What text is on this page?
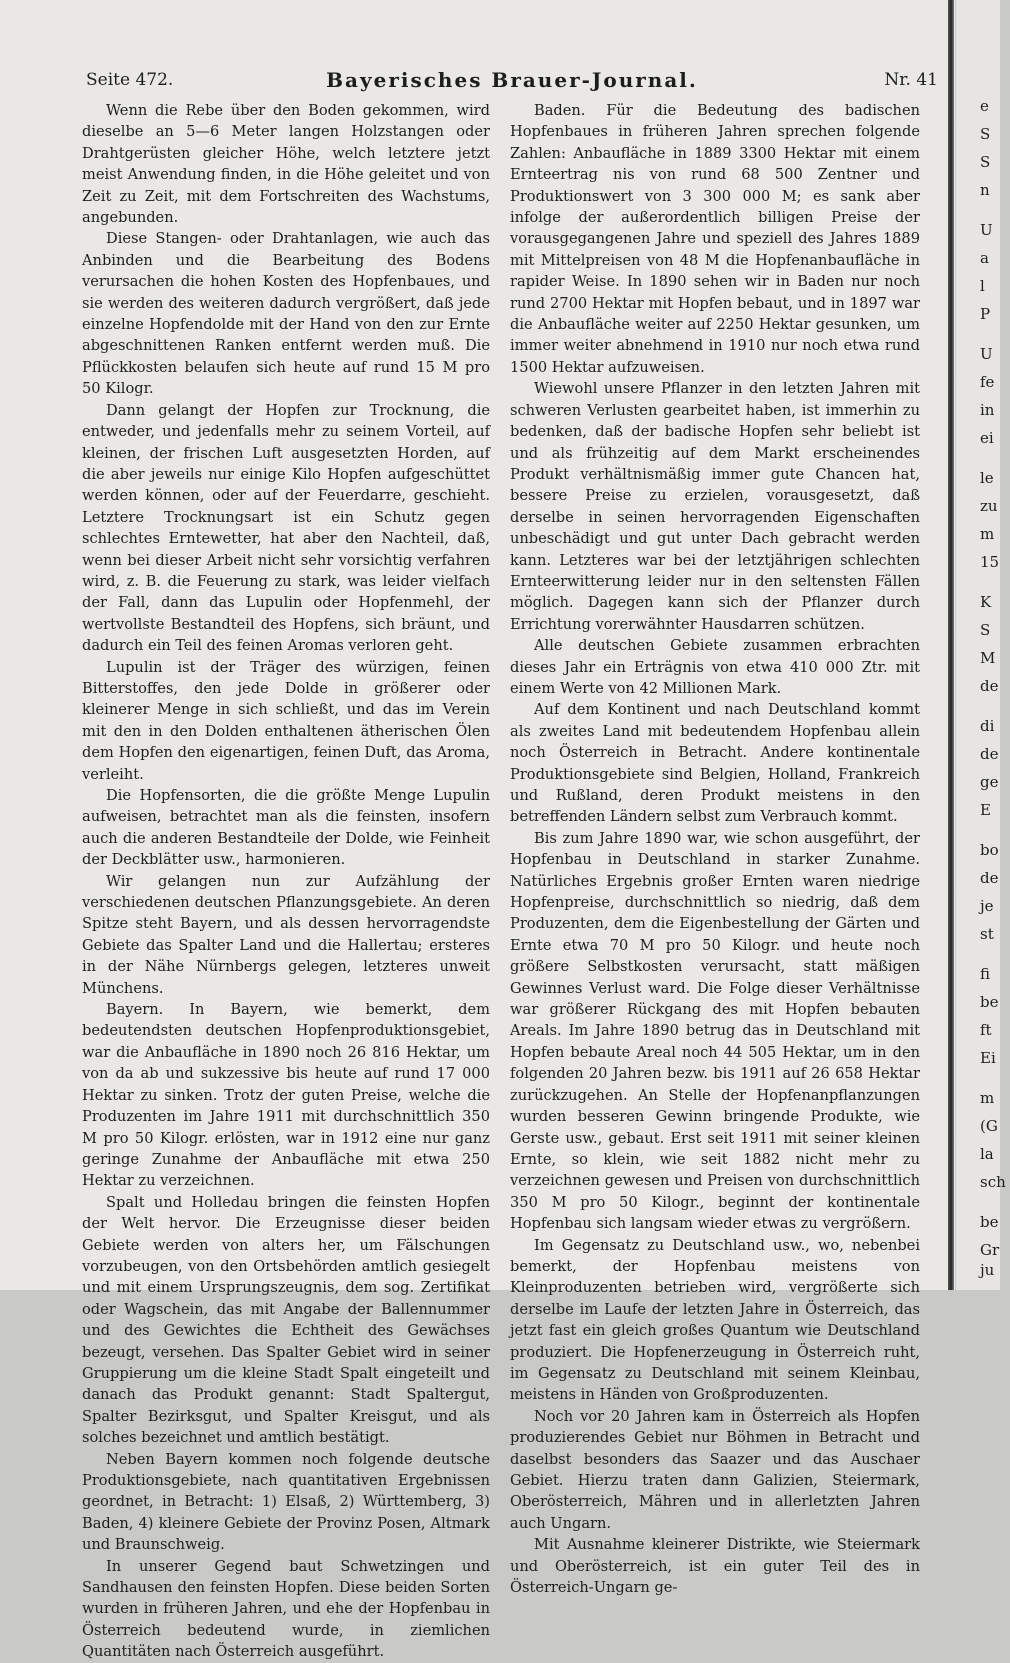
Seite 472.	Bayerisches Brauer-Journal.	Nr. 41

Wenn die Rebe über den Boden gekommen, wird dieselbe an 5—6 Meter langen Holzstangen oder Drahtgerüsten gleicher Höhe, welch letztere jetzt meist Anwendung finden, in die Höhe geleitet und von Zeit zu Zeit, mit dem Fortschreiten des Wachstums, angebunden.

Diese Stangen- oder Drahtanlagen, wie auch das Anbinden und die Bearbeitung des Bodens verursachen die hohen Kosten des Hopfenbaues, und sie werden des weiteren dadurch vergrößert, daß jede einzelne Hopfendolde mit der Hand von den zur Ernte abgeschnittenen Ranken entfernt werden muß. Die Pflückkosten belaufen sich heute auf rund 15 M pro 50 Kilogr.

Dann gelangt der Hopfen zur Trocknung, die entweder, und jedenfalls mehr zu seinem Vorteil, auf kleinen, der frischen Luft ausgesetzten Horden, auf die aber jeweils nur einige Kilo Hopfen aufgeschüttet werden können, oder auf der Feuerdarre, geschieht. Letztere Trocknungsart ist ein Schutz gegen schlechtes Erntewetter, hat aber den Nachteil, daß, wenn bei dieser Arbeit nicht sehr vorsichtig verfahren wird, z. B. die Feuerung zu stark, was leider vielfach der Fall, dann das Lupulin oder Hopfenmehl, der wertvollste Bestandteil des Hopfens, sich bräunt, und dadurch ein Teil des feinen Aromas verloren geht.

Lupulin ist der Träger des würzigen, feinen Bitterstoffes, den jede Dolde in größerer oder kleinerer Menge in sich schließt, und das im Verein mit den in den Dolden enthaltenen ätherischen Ölen dem Hopfen den eigenartigen, feinen Duft, das Aroma, verleiht.

Die Hopfensorten, die die größte Menge Lupulin aufweisen, betrachtet man als die feinsten, insofern auch die anderen Bestandteile der Dolde, wie Feinheit der Deckblätter usw., harmonieren.

Wir gelangen nun zur Aufzählung der verschiedenen deutschen Pflanzungsgebiete. An deren Spitze steht Bayern, und als dessen hervorragendste Gebiete das Spalter Land und die Hallertau; ersteres in der Nähe Nürnbergs gelegen, letzteres unweit Münchens.

Bayern. In Bayern, wie bemerkt, dem bedeutendsten deutschen Hopfenproduktionsgebiet, war die Anbaufläche in 1890 noch 26 816 Hektar, um von da ab und sukzessive bis heute auf rund 17 000 Hektar zu sinken. Trotz der guten Preise, welche die Produzenten im Jahre 1911 mit durchschnittlich 350 M pro 50 Kilogr. erlösten, war in 1912 eine nur ganz geringe Zunahme der Anbaufläche mit etwa 250 Hektar zu verzeichnen.

Spalt und Holledau bringen die feinsten Hopfen der Welt hervor. Die Erzeugnisse dieser beiden Gebiete werden von alters her, um Fälschungen vorzubeugen, von den Ortsbehörden amtlich gesiegelt und mit einem Ursprungszeugnis, dem sog. Zertifikat oder Wagschein, das mit Angabe der Ballennummer und des Gewichtes die Echtheit des Gewächses bezeugt, versehen. Das Spalter Gebiet wird in seiner Gruppierung um die kleine Stadt Spalt eingeteilt und danach das Produkt genannt: Stadt Spaltergut, Spalter Bezirksgut, und Spalter Kreisgut, und als solches bezeichnet und amtlich bestätigt.

Neben Bayern kommen noch folgende deutsche Produktionsgebiete, nach quantitativen Ergebnissen geordnet, in Betracht: 1) Elsaß, 2) Württemberg, 3) Baden, 4) kleinere Gebiete der Provinz Posen, Altmark und Braunschweig.

In unserer Gegend baut Schwetzingen und Sandhausen den feinsten Hopfen. Diese beiden Sorten wurden in früheren Jahren, und ehe der Hopfenbau in Österreich bedeutend wurde, in ziemlichen Quantitäten nach Österreich ausgeführt.

Baden. Für die Bedeutung des badischen Hopfenbaues in früheren Jahren sprechen folgende Zahlen: Anbaufläche in 1889 3300 Hektar mit einem Ernteertrag nis von rund 68 500 Zentner und Produktionswert von 3 300 000 M; es sank aber infolge der außerordentlich billigen Preise der vorausgegangenen Jahre und speziell des Jahres 1889 mit Mittelpreisen von 48 M die Hopfenanbaufläche in rapider Weise. In 1890 sehen wir in Baden nur noch rund 2700 Hektar mit Hopfen bebaut, und in 1897 war die Anbaufläche weiter auf 2250 Hektar gesunken, um immer weiter abnehmend in 1910 nur noch etwa rund 1500 Hektar aufzuweisen.

Wiewohl unsere Pflanzer in den letzten Jahren mit schweren Verlusten gearbeitet haben, ist immerhin zu bedenken, daß der badische Hopfen sehr beliebt ist und als frühzeitig auf dem Markt erscheinendes Produkt verhältnismäßig immer gute Chancen hat, bessere Preise zu erzielen, vorausgesetzt, daß derselbe in seinen hervorragenden Eigenschaften unbeschädigt und gut unter Dach gebracht werden kann. Letzteres war bei der letztjährigen schlechten Ernteerwitterung leider nur in den seltensten Fällen möglich. Dagegen kann sich der Pflanzer durch Errichtung vorerwähnter Hausdarren schützen.

Alle deutschen Gebiete zusammen erbrachten dieses Jahr ein Erträgnis von etwa 410 000 Ztr. mit einem Werte von 42 Millionen Mark.

Auf dem Kontinent und nach Deutschland kommt als zweites Land mit bedeutendem Hopfenbau allein noch Österreich in Betracht. Andere kontinentale Produktionsgebiete sind Belgien, Holland, Frankreich und Rußland, deren Produkt meistens in den betreffenden Ländern selbst zum Verbrauch kommt.

Bis zum Jahre 1890 war, wie schon ausgeführt, der Hopfenbau in Deutschland in starker Zunahme. Natürliches Ergebnis großer Ernten waren niedrige Hopfenpreise, durchschnittlich so niedrig, daß dem Produzenten, dem die Eigenbestellung der Gärten und Ernte etwa 70 M pro 50 Kilogr. und heute noch größere Selbstkosten verursacht, statt mäßigen Gewinnes Verlust ward. Die Folge dieser Verhältnisse war größerer Rückgang des mit Hopfen bebauten Areals. Im Jahre 1890 betrug das in Deutschland mit Hopfen bebaute Areal noch 44 505 Hektar, um in den folgenden 20 Jahren bezw. bis 1911 auf 26 658 Hektar zurückzugehen. An Stelle der Hopfenanpflanzungen wurden besseren Gewinn bringende Produkte, wie Gerste usw., gebaut. Erst seit 1911 mit seiner kleinen Ernte, so klein, wie seit 1882 nicht mehr zu verzeichnen gewesen und Preisen von durchschnittlich 350 M pro 50 Kilogr., beginnt der kontinentale Hopfenbau sich langsam wieder etwas zu vergrößern.

Im Gegensatz zu Deutschland usw., wo, nebenbei bemerkt, der Hopfenbau meistens von Kleinproduzenten betrieben wird, vergrößerte sich derselbe im Laufe der letzten Jahre in Österreich, das jetzt fast ein gleich großes Quantum wie Deutschland produziert. Die Hopfenerzeugung in Österreich ruht, im Gegensatz zu Deutschland mit seinem Kleinbau, meistens in Händen von Großproduzenten.

Noch vor 20 Jahren kam in Österreich als Hopfen produzierendes Gebiet nur Böhmen in Betracht und daselbst besonders das Saazer und das Auschaer Gebiet. Hierzu traten dann Galizien, Steiermark, Oberösterreich, Mähren und in allerletzten Jahren auch Ungarn.

Mit Ausnahme kleinerer Distrikte, wie Steiermark und Oberösterreich, ist ein guter Teil des in Österreich-Ungarn ge-

e
S
S
n
U
a
l
P
U
fe
in
ei
le
zu
m
15
K
S
M
de
di
de
ge
E
bo
de
je
st
fi
be
ft
Ei
m
(G
la
sch
be
Gr
ju
